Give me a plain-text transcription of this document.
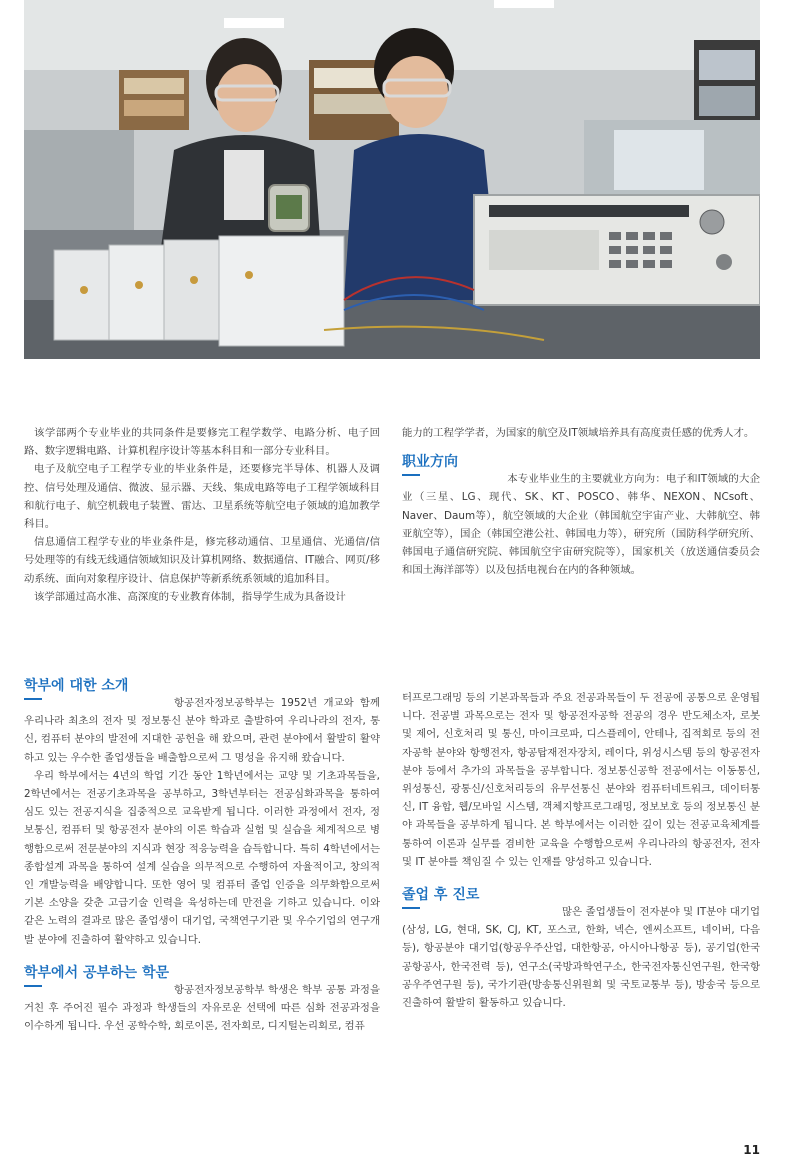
该学部两个专业毕业的共同条件是要修完工程学数学、电路分析、电子回路、数字逻辑电路、计算机程序设计等基本科目和一部分专业科目。

电子及航空电子工程学专业的毕业条件是，还要修完半导体、机器人及调控、信号处理及通信、微波、显示器、天线、集成电路等电子工程学领域科目和航行电子、航空机载电子装置、雷达、卫星系统等航空电子领域的追加教学科目。

信息通信工程学专业的毕业条件是，修完移动通信、卫星通信、光通信/信号处理等的有线无线通信领域知识及计算机网络、数据通信、IT融合、网页/移动系统、面向对象程序设计、信息保护等新系统系领域的追加科目。

该学部通过高水准、高深度的专业教育体制，指导学生成为具备设计

能力的工程学学者，为国家的航空及IT领域培养具有高度责任感的优秀人才。

职业方向

本专业毕业生的主要就业方向为：电子和IT领域的大企业（三星、LG、现代、SK、KT、POSCO、韩华、NEXON、NCsoft、Naver、Daum等），航空领域的大企业（韩国航空宇宙产业、大韩航空、韩亚航空等），国企（韩国空港公社、韩国电力等），研究所（国防科学研究所、韩国电子通信研究院、韩国航空宇宙研究院等），国家机关（放送通信委员会和国土海洋部等）以及包括电视台在内的各种领域。

학부에 대한 소개

항공전자정보공학부는 1952년 개교와 함께 우리나라 최초의 전자 및 정보통신 분야 학과로 출발하여 우리나라의 전자, 통신, 컴퓨터 분야의 발전에 지대한 공헌을 해 왔으며, 관련 분야에서 활발히 활약하고 있는 우수한 졸업생들을 배출함으로써 그 명성을 유지해 왔습니다.

우리 학부에서는 4년의 학업 기간 동안 1학년에서는 교양 및 기초과목들을, 2학년에서는 전공기초과목을 공부하고, 3학년부터는 전공심화과목을 통하여 심도 있는 전공지식을 집중적으로 교육받게 됩니다. 이러한 과정에서 전자, 정보통신, 컴퓨터 및 항공전자 분야의 이론 학습과 실험 및 실습을 체계적으로 병행함으로써 전문분야의 지식과 현장 적응능력을 습득합니다. 특히 4학년에서는 종합설계 과목을 통하여 설계 실습을 의무적으로 수행하여 자율적이고, 창의적인 개발능력을 배양합니다. 또한 영어 및 컴퓨터 졸업 인증을 의무화함으로써 기본 소양을 갖춘 고급기술 인력을 육성하는데 만전을 기하고 있습니다. 이와 같은 노력의 결과로 많은 졸업생이 대기업, 국책연구기관 및 우수기업의 연구개발 분야에 진출하여 활약하고 있습니다.

학부에서 공부하는 학문

항공전자정보공학부 학생은 학부 공통 과정을 거친 후 주어진 필수 과정과 학생들의 자유로운 선택에 따른 심화 전공과정을 이수하게 됩니다. 우선 공학수학, 회로이론, 전자회로, 디지털논리회로, 컴퓨

터프로그래밍 등의 기본과목들과 주요 전공과목들이 두 전공에 공통으로 운영됩니다. 전공별 과목으로는 전자 및 항공전자공학 전공의 경우 반도체소자, 로봇 및 제어, 신호처리 및 통신, 마이크로파, 디스플레이, 안테나, 집적회로 등의 전자공학 분야와 항행전자, 항공탑재전자장치, 레이다, 위성시스템 등의 항공전자 분야 등에서 추가의 과목들을 공부합니다. 정보통신공학 전공에서는 이동통신, 위성통신, 광통신/신호처리등의 유무선통신 분야와 컴퓨터네트워크, 데이터통신, IT 융합, 웹/모바일 시스템, 객체지향프로그래밍, 정보보호 등의 정보통신 분야 과목들을 공부하게 됩니다. 본 학부에서는 이러한 깊이 있는 전공교육체계를 통하여 이론과 실무를 겸비한 교육을 수행함으로써 우리나라의 항공전자, 전자 및 IT 분야를 책임질 수 있는 인재를 양성하고 있습니다.

졸업 후 진로

많은 졸업생들이 전자분야 및 IT분야 대기업(삼성, LG, 현대, SK, CJ, KT, 포스코, 한화, 넥슨, 엔씨소프트, 네이버, 다음 등), 항공분야 대기업(항공우주산업, 대한항공, 아시아나항공 등), 공기업(한국공항공사, 한국전력 등), 연구소(국방과학연구소, 한국전자통신연구원, 한국항공우주연구원 등), 국가기관(방송통신위원회 및 국토교통부 등), 방송국 등으로 진출하여 활발히 활동하고 있습니다.

11
